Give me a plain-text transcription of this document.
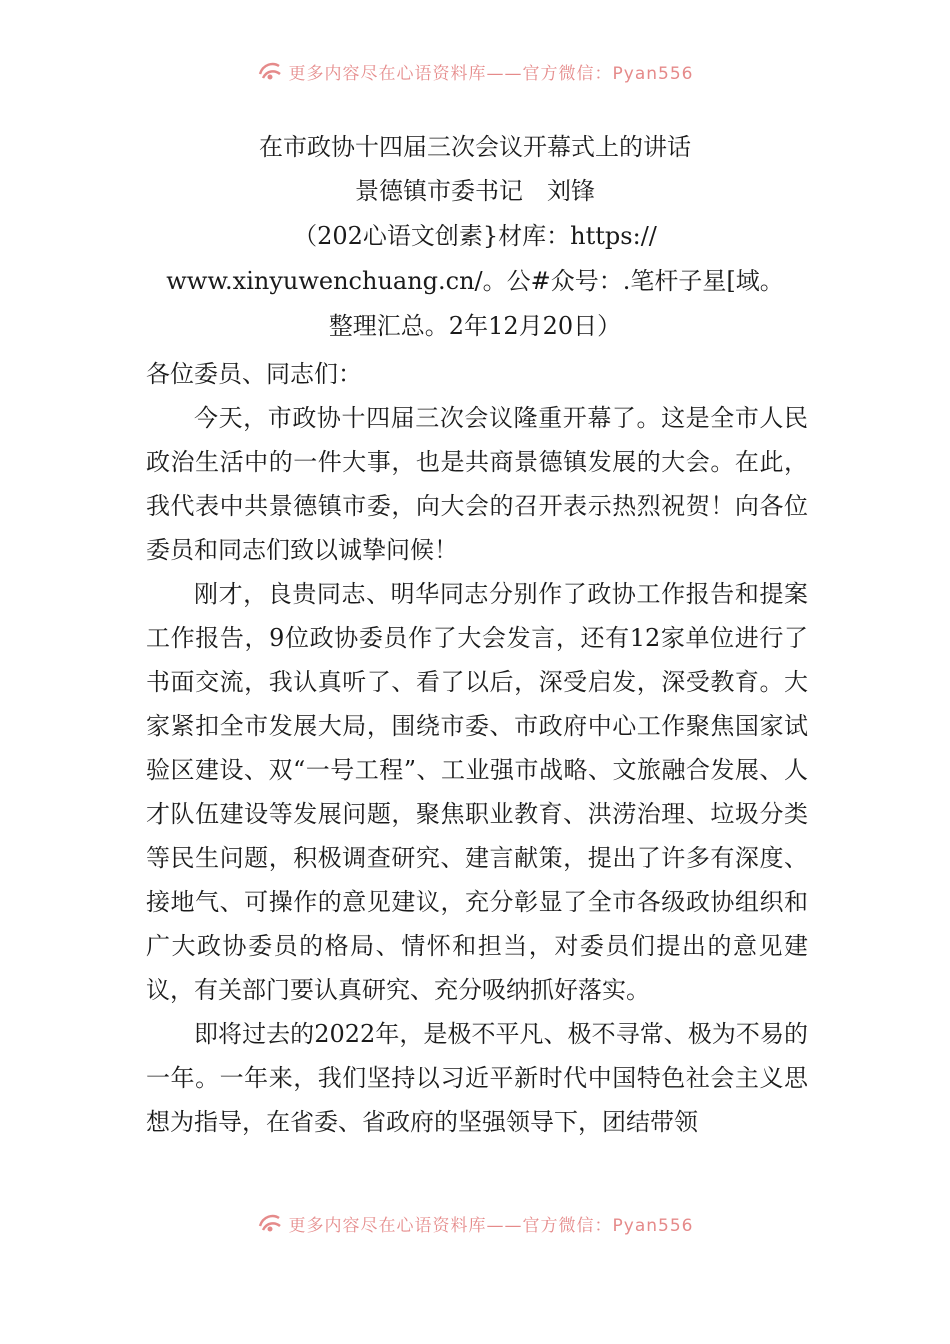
更多内容尽在心语资料库——官方微信：Pyan556
在市政协十四届三次会议开幕式上的讲话
景德镇市委书记　刘锋
（202心语文创素}材库：https://
www.xinyuwenchuang.cn/。公#众号：.笔杆子星[域。
整理汇总。2年12月20日）

各位委员、同志们：

今天，市政协十四届三次会议隆重开幕了。这是全市人民政治生活中的一件大事，也是共商景德镇发展的大会。在此，我代表中共景德镇市委，向大会的召开表示热烈祝贺！向各位委员和同志们致以诚挚问候！

刚才，良贵同志、明华同志分别作了政协工作报告和提案工作报告，9位政协委员作了大会发言，还有12家单位进行了书面交流，我认真听了、看了以后，深受启发，深受教育。大家紧扣全市发展大局，围绕市委、市政府中心工作聚焦国家试验区建设、双“一号工程”、工业强市战略、文旅融合发展、人才队伍建设等发展问题，聚焦职业教育、洪涝治理、垃圾分类等民生问题，积极调查研究、建言献策，提出了许多有深度、接地气、可操作的意见建议，充分彰显了全市各级政协组织和广大政协委员的格局、情怀和担当，对委员们提出的意见建议，有关部门要认真研究、充分吸纳抓好落实。

即将过去的2022年，是极不平凡、极不寻常、极为不易的一年。一年来，我们坚持以习近平新时代中国特色社会主义思想为指导，在省委、省政府的坚强领导下，团结带领

更多内容尽在心语资料库——官方微信：Pyan556
